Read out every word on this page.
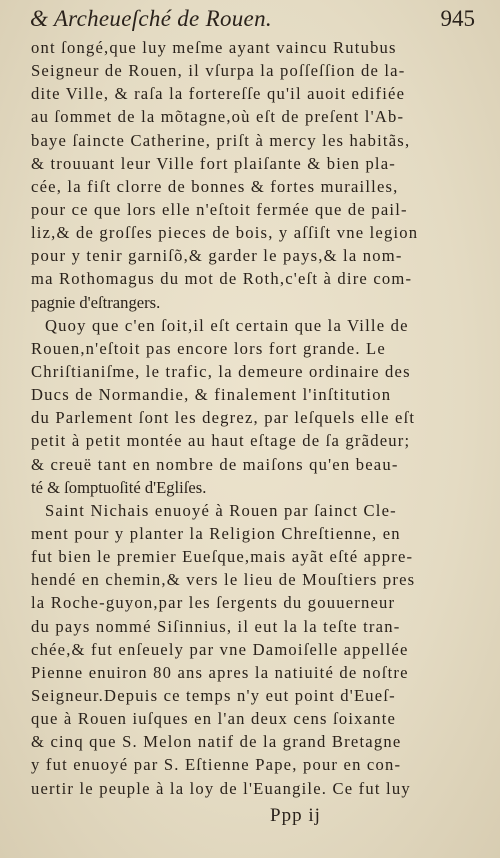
& Archeueſché de Rouen.	945
ont ſongé,que luy meſme ayant vaincu Rutubus
Seigneur de Rouen, il vſurpa la poſſeſſion de la-
dite Ville, & raſa la forterеſſe qu'il auoit edifiée
au ſommet de la mõtagne,où eſt de preſent l'Ab-
baye ſaincte Catherine, priſt à mercy les habitãs,
& trouuant leur Ville fort plaiſante & bien pla-
cée, la fiſt clorre de bonnes & fortes murailles,
pour ce que lors elle n'eſtoit fermée que de pail-
liz,& de groſſes pieces de bois, y aſſiſt vne legion
pour y tenir garniſõ,& garder le pays,& la nom-
ma Rothomagus du mot de Roth,c'eſt à dire com-
pagnie d'eſtrangers.
Quoy que c'en ſoit,il eſt certain que la Ville de
Rouen,n'eſtoit pas encore lors fort grande. Le
Chriſtianiſme, le trafic, la demeure ordinaire des
Ducs de Normandie, & finalement l'inſtitution
du Parlement ſont les degrez, par leſquels elle eſt
petit à petit montée au haut eſtage de ſa grãdeur;
& creuë tant en nombre de maiſons qu'en beau-
té & ſomptuoſité d'Egliſes.
Saint Nichais enuoyé à Rouen par ſainct Cle-
ment pour y planter la Religion Chreſtienne, en
fut bien le premier Eueſque,mais ayãt eſté appre-
hendé en chemin,& vers le lieu de Mouſtiers pres
la Roche-guyon,par les ſergents du gouuerneur
du pays nommé Siſinnius, il eut la la teſte tran-
chée,& fut enſeuely par vne Damoiſelle appellée
Pienne enuiron 80 ans apres la natiuité de noſtre
Seigneur.Depuis ce temps n'y eut point d'Eueſ-
que à Rouen iuſques en l'an deux cens ſoixante
& cinq que S. Melon natif de la grand Bretagne
y fut enuoyé par S. Eſtienne Pape, pour en con-
uertir le peuple à la loy de l'Euangile. Ce fut luy
Ppp ij
